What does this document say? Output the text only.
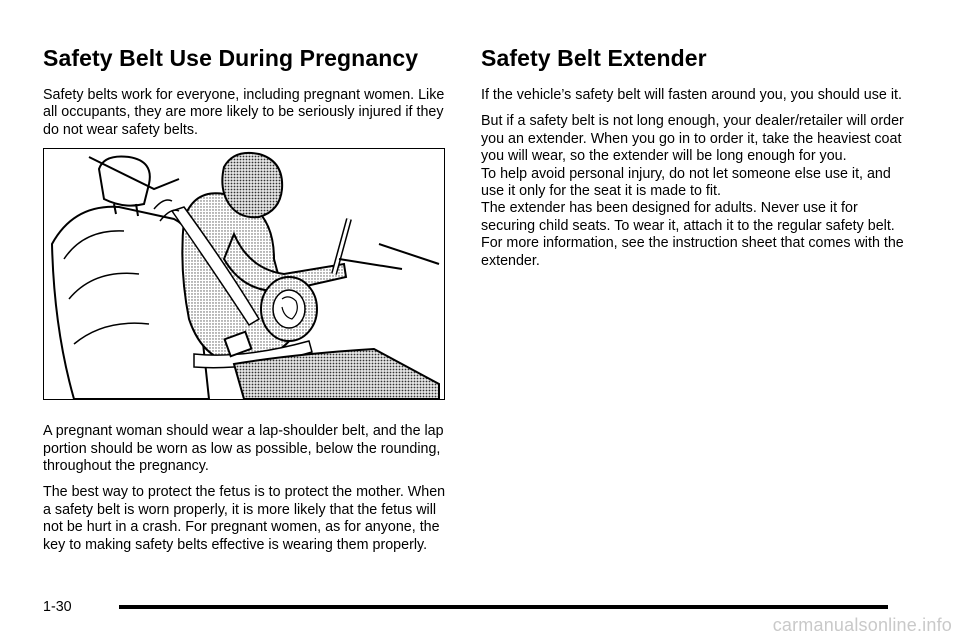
Safety Belt Use During Pregnancy

Safety belts work for everyone, including pregnant women. Like all occupants, they are more likely to be seriously injured if they do not wear safety belts.

A pregnant woman should wear a lap-shoulder belt, and the lap portion should be worn as low as possible, below the rounding, throughout the pregnancy.

The best way to protect the fetus is to protect the mother. When a safety belt is worn properly, it is more likely that the fetus will not be hurt in a crash. For pregnant women, as for anyone, the key to making safety belts effective is wearing them properly.

Safety Belt Extender

If the vehicle’s safety belt will fasten around you, you should use it.

But if a safety belt is not long enough, your dealer/retailer will order you an extender. When you go in to order it, take the heaviest coat you will wear, so the extender will be long enough for you.

To help avoid personal injury, do not let someone else use it, and use it only for the seat it is made to fit.

The extender has been designed for adults. Never use it for securing child seats. To wear it, attach it to the regular safety belt. For more information, see the instruction sheet that comes with the extender.

1-30
carmanualsonline.info
